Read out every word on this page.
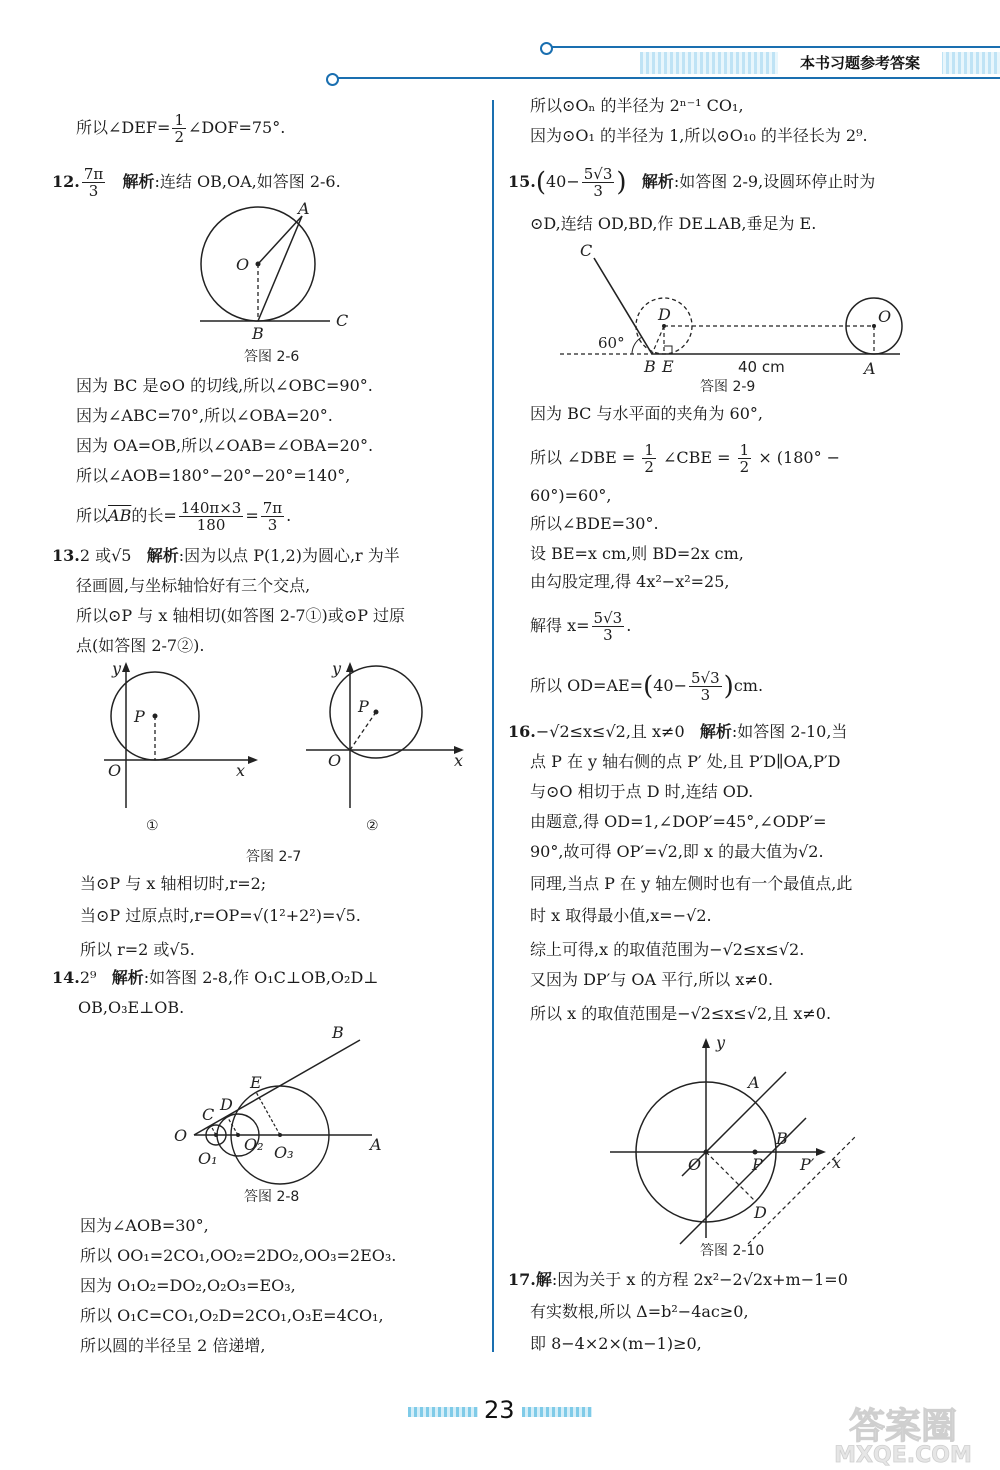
本书习题参考答案
所以∠DEF= $\frac{1}{2}$ ∠DOF=75°.
12. $\frac{7\pi}{3}$ 解析:连结 OB,OA,如答图 2-6.
O
A
B
C
答图 2-6
因为 BC 是⊙O 的切线,所以∠OBC=90°.
因为∠ABC=70°,所以∠OBA=20°.
因为 OA=OB,所以∠OAB=∠OBA=20°.
所以∠AOB=180°−20°−20°=140°,
所以$\overline{AB}$的长= $\frac{140\pi\times 3}{180} = \frac{7\pi}{3}$ .
13.2 或√5 解析:因为以点 P(1,2)为圆心,r 为半
径画圆,与坐标轴恰好有三个交点,
所以⊙P 与 x 轴相切(如答图 2-7①)或⊙P 过原
点(如答图 2-7②).
P
O	x
y
①
P
O	x
y
②
答图 2-7
当⊙P 与 x 轴相切时,r=2;
当⊙P 过原点时,r=OP=√(1²+2²)=√5.
所以 r=2 或√5.
14.2⁹ 解析:如答图 2-8,作 O₁C⊥OB,O₂D⊥
OB,O₃E⊥OB.
O
C
D
E
B
A
O₁
O₂ O₃
答图 2-8
因为∠AOB=30°,
所以 OO₁=2CO₁,OO₂=2DO₂,OO₃=2EO₃.
因为 O₁O₂=DO₂,O₂O₃=EO₃,
所以 O₁C=CO₁,O₂D=2CO₁,O₃E=4CO₁,
所以圆的半径呈 2 倍递增,
所以⊙Oₙ 的半径为 2ⁿ⁻¹ CO₁,
因为⊙O₁ 的半径为 1,所以⊙O₁₀ 的半径长为 2⁹.
$15.(40- \frac{5√3}{3}$ ) 解析:如答图 2-9,设圆环停止时为
⊙D,连结 OD,BD,作 DE⊥AB,垂足为 E.
C
D	O
B E	A
60°
40 cm
答图 2-9
因为 BC 与水平面的夹角为 60°,
所以 ∠DBE = $\frac{1}{2}$ ∠CBE = $\frac{1}{2} \times (180^\circ$ −
60°)=60°,
所以∠BDE=30°.
设 BE=x cm,则 BD=2x cm,
由勾股定理,得 4x²−x²=25,
解得 $x= \frac{5√3}{3}$ .
所以 $OD=AE=(40- \frac{5√3}{3} )cm$.
16.−√2≤x≤√2,且 x≠0 解析:如答图 2-10,当
点 P 在 y 轴右侧的点 P′ 处,且 P′D∥OA,P′D
与⊙O 相切于点 D 时,连结 OD.
由题意,得 OD=1,∠DOP′=45°,∠ODP′=
90°,故可得 OP′=√2,即 x 的最大值为√2.
同理,当点 P 在 y 轴左侧时也有一个最值点,此
时 x 取得最小值,x=−√2.
综上可得,x 的取值范围为−√2≤x≤√2.
又因为 DP′与 OA 平行,所以 x≠0.
所以 x 的取值范围是−√2≤x≤√2,且 x≠0.
A
B
O	P P′ x
y
D
答图 2-10
17.解:因为关于 x 的方程 2x²−2√2x+m−1=0
有实数根,所以 Δ=b²−4ac≥0,
即 8−4×2×(m−1)≥0,
23	答案圈
MXQE.COM
